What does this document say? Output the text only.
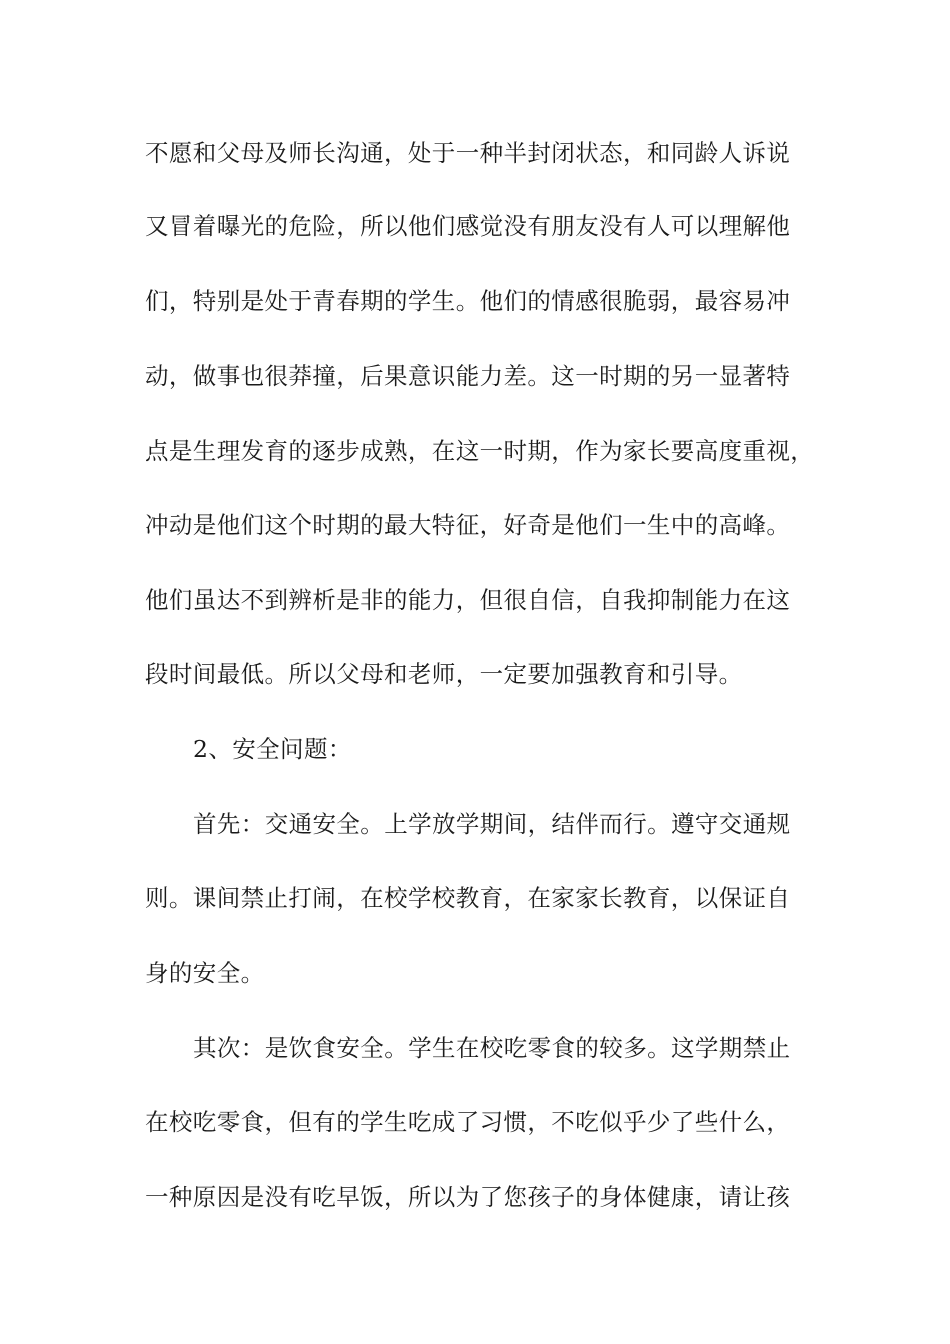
不愿和父母及师长沟通，处于一种半封闭状态，和同龄人诉说
又冒着曝光的危险，所以他们感觉没有朋友没有人可以理解他
们，特别是处于青春期的学生。他们的情感很脆弱，最容易冲
动，做事也很莽撞，后果意识能力差。这一时期的另一显著特
点是生理发育的逐步成熟，在这一时期，作为家长要高度重视，
冲动是他们这个时期的最大特征，好奇是他们一生中的高峰。
他们虽达不到辨析是非的能力，但很自信，自我抑制能力在这
段时间最低。所以父母和老师，一定要加强教育和引导。
2、安全问题：
首先：交通安全。上学放学期间，结伴而行。遵守交通规
则。课间禁止打闹，在校学校教育，在家家长教育，以保证自
身的安全。
其次：是饮食安全。学生在校吃零食的较多。这学期禁止
在校吃零食，但有的学生吃成了习惯，不吃似乎少了些什么，
一种原因是没有吃早饭，所以为了您孩子的身体健康，请让孩
